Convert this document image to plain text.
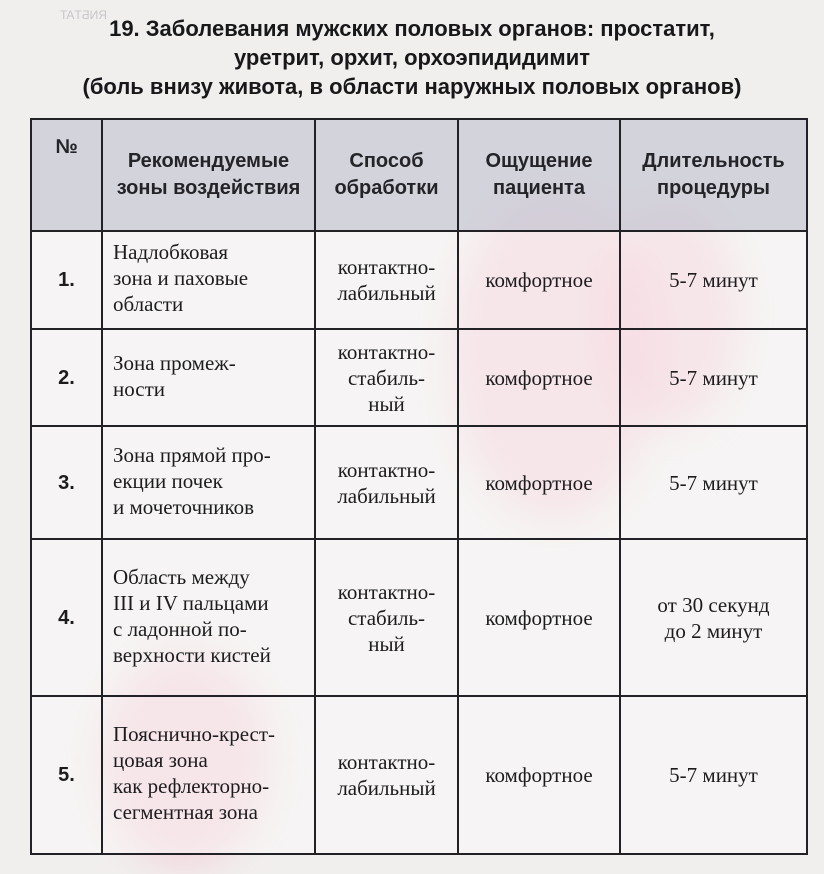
RNБTАТ
19. Заболевания мужских половых органов: простатит,
уретрит, орхит, орхоэпидидимит
(боль внизу живота, в области наружных половых органов)
№	Рекомендуемые зоны воздействия	Способ обработки	Ощущение пациента	Длительность процедуры
1.	Надлобковая
зона и паховые
области	контактно-
лабильный	комфортное	5-7 минут

2.	Зона промеж-
ности	контактно-
стабиль-
ный	комфортное	5-7 минут

3.	Зона прямой про-
екции почек
и мочеточников	контактно-
лабильный	комфортное	5-7 минут

4.	Область между
III и IV пальцами
с ладонной по-
верхности кистей	контактно-
стабиль-
ный	комфортное	от 30 секунд
до 2 минут

5.	Пояснично-крест-
цовая зона
как рефлекторно-
сегментная зона	контактно-
лабильный	комфортное	5-7 минут
